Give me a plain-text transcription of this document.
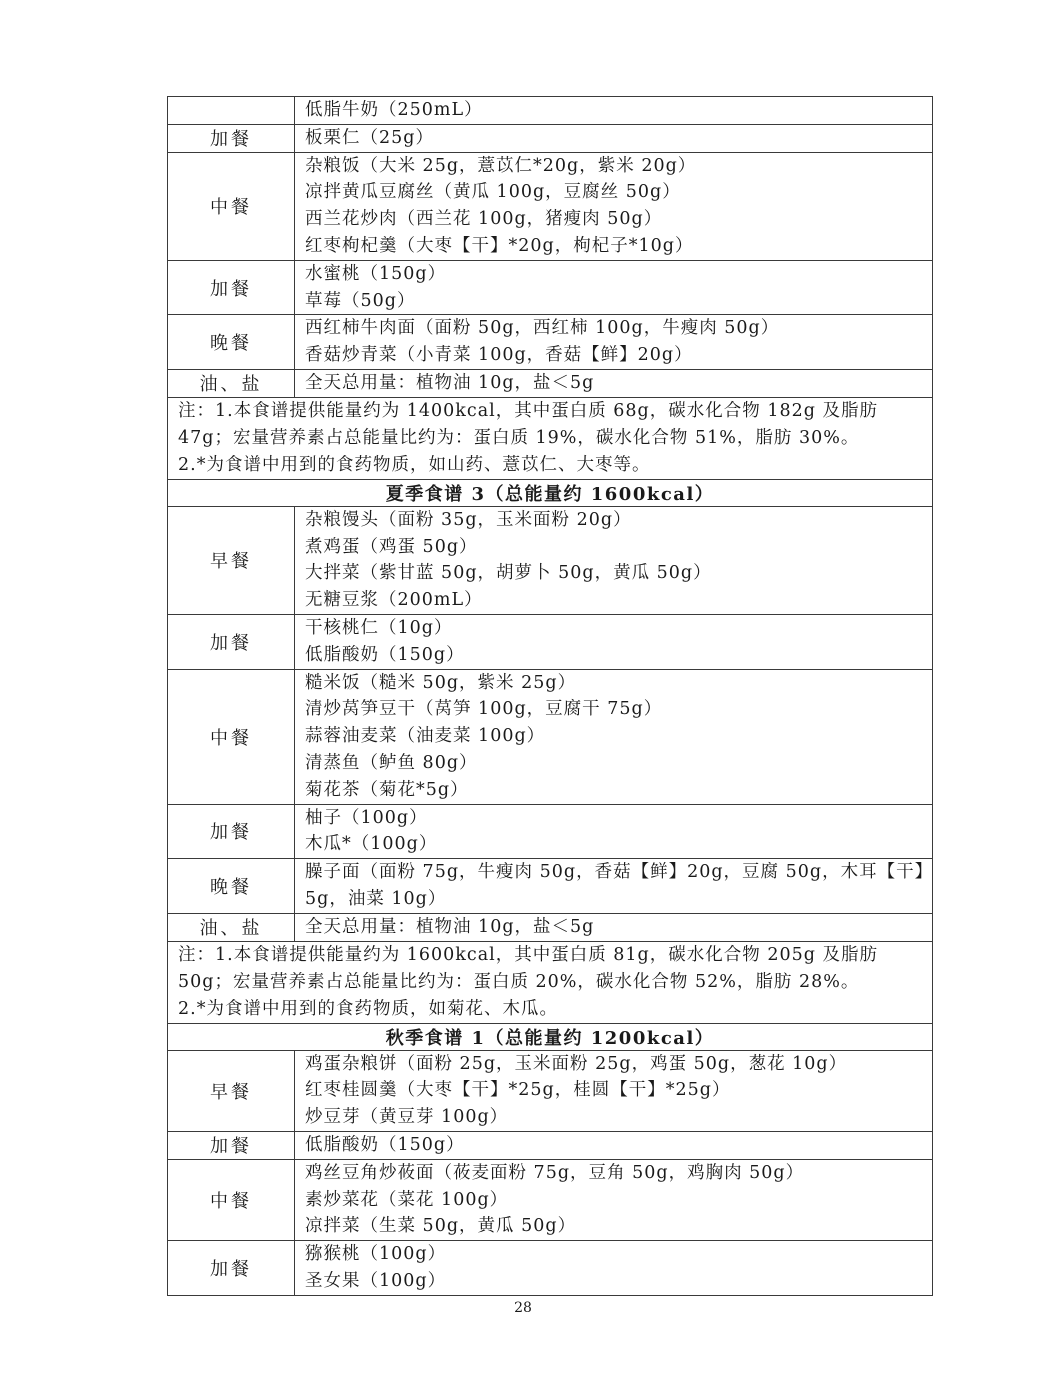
	低脂牛奶（250mL）

加餐	板栗仁（25g）

中餐	杂粮饭（大米 25g，薏苡仁*20g，紫米 20g）
凉拌黄瓜豆腐丝（黄瓜 100g，豆腐丝 50g）
西兰花炒肉（西兰花 100g，猪瘦肉 50g）
红枣枸杞羹（大枣【干】*20g，枸杞子*10g）

加餐	水蜜桃（150g）
草莓（50g）

晚餐	西红柿牛肉面（面粉 50g，西红柿 100g，牛瘦肉 50g）
香菇炒青菜（小青菜 100g，香菇【鲜】20g）

油、盐	全天总用量：植物油 10g，盐＜5g

注：1.本食谱提供能量约为 1400kcal，其中蛋白质 68g，碳水化合物 182g 及脂肪 47g；宏量营养素占总能量比约为：蛋白质 19%，碳水化合物 51%，脂肪 30%。
2.*为食谱中用到的食药物质，如山药、薏苡仁、大枣等。	

夏季食谱 3（总能量约 1600kcal）	
早餐	杂粮馒头（面粉 35g，玉米面粉 20g）
煮鸡蛋（鸡蛋 50g）
大拌菜（紫甘蓝 50g，胡萝卜 50g，黄瓜 50g）
无糖豆浆（200mL）

加餐	干核桃仁（10g）
低脂酸奶（150g）

中餐	糙米饭（糙米 50g，紫米 25g）
清炒莴笋豆干（莴笋 100g，豆腐干 75g）
蒜蓉油麦菜（油麦菜 100g）
清蒸鱼（鲈鱼 80g）
菊花茶（菊花*5g）

加餐	柚子（100g）
木瓜*（100g）

晚餐	臊子面（面粉 75g，牛瘦肉 50g，香菇【鲜】20g，豆腐 50g，木耳【干】5g，油菜 10g）

油、盐	全天总用量：植物油 10g，盐＜5g

注：1.本食谱提供能量约为 1600kcal，其中蛋白质 81g，碳水化合物 205g 及脂肪 50g；宏量营养素占总能量比约为：蛋白质 20%，碳水化合物 52%，脂肪 28%。
2.*为食谱中用到的食药物质，如菊花、木瓜。	

秋季食谱 1（总能量约 1200kcal）	
早餐	鸡蛋杂粮饼（面粉 25g，玉米面粉 25g，鸡蛋 50g，葱花 10g）
红枣桂圆羹（大枣【干】*25g，桂圆【干】*25g）
炒豆芽（黄豆芽 100g）

加餐	低脂酸奶（150g）

中餐	鸡丝豆角炒莜面（莜麦面粉 75g，豆角 50g，鸡胸肉 50g）
素炒菜花（菜花 100g）
凉拌菜（生菜 50g，黄瓜 50g）

加餐	猕猴桃（100g）
圣女果（100g）
28
